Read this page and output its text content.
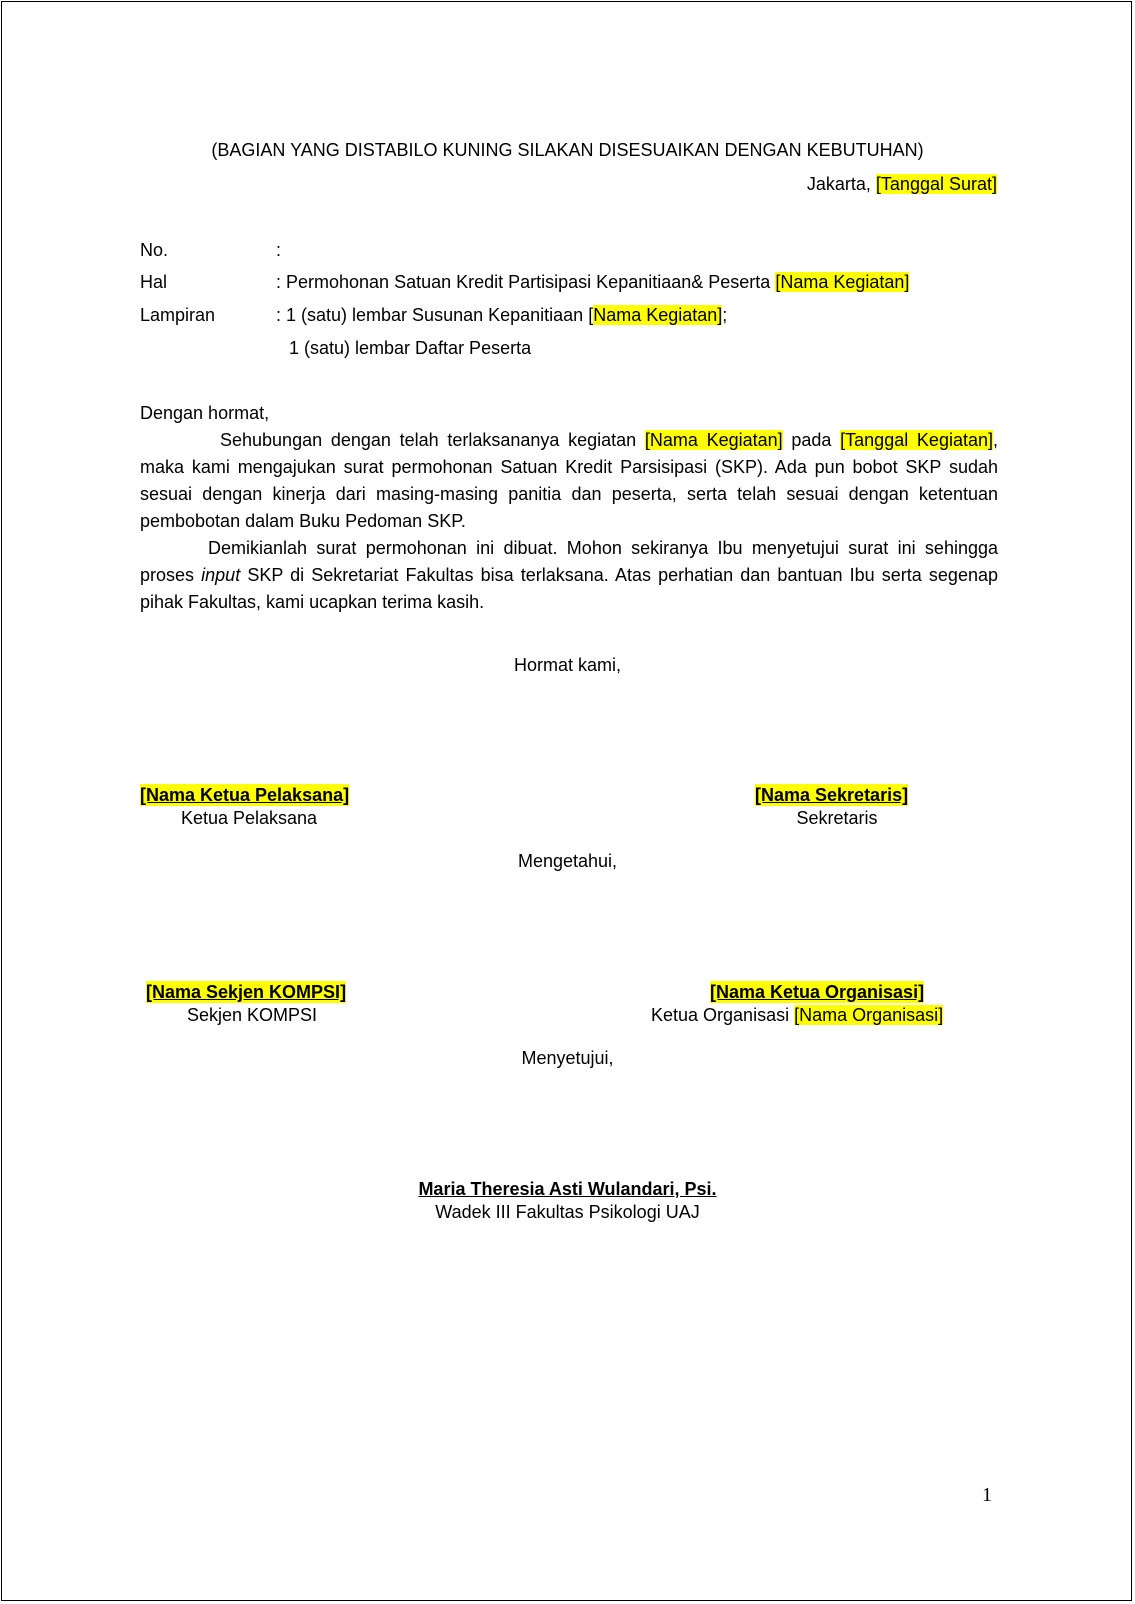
(BAGIAN YANG DISTABILO KUNING SILAKAN DISESUAIKAN DENGAN KEBUTUHAN)
Jakarta, [Tanggal Surat]
No.	:
Hal	: Permohonan Satuan Kredit Partisipasi Kepanitiaan& Peserta [Nama Kegiatan]
Lampiran	: 1 (satu) lembar Susunan Kepanitiaan [Nama Kegiatan];
1 (satu) lembar Daftar Peserta
Dengan hormat,
Sehubungan dengan telah terlaksananya kegiatan [Nama Kegiatan] pada [Tanggal Kegiatan], maka kami mengajukan surat permohonan Satuan Kredit Parsisipasi (SKP). Ada pun bobot SKP sudah sesuai dengan kinerja dari masing-masing panitia dan peserta, serta telah sesuai dengan ketentuan pembobotan dalam Buku Pedoman SKP.
Demikianlah surat permohonan ini dibuat. Mohon sekiranya Ibu menyetujui surat ini sehingga proses input SKP di Sekretariat Fakultas bisa terlaksana. Atas perhatian dan bantuan Ibu serta segenap pihak Fakultas, kami ucapkan terima kasih.
Hormat kami,
[Nama Ketua Pelaksana]
Ketua Pelaksana
[Nama Sekretaris]
Sekretaris
Mengetahui,
[Nama Sekjen KOMPSI]
Sekjen KOMPSI
[Nama Ketua Organisasi]
Ketua Organisasi [Nama Organisasi]
Menyetujui,
Maria Theresia Asti Wulandari, Psi.
Wadek III Fakultas Psikologi UAJ
1
